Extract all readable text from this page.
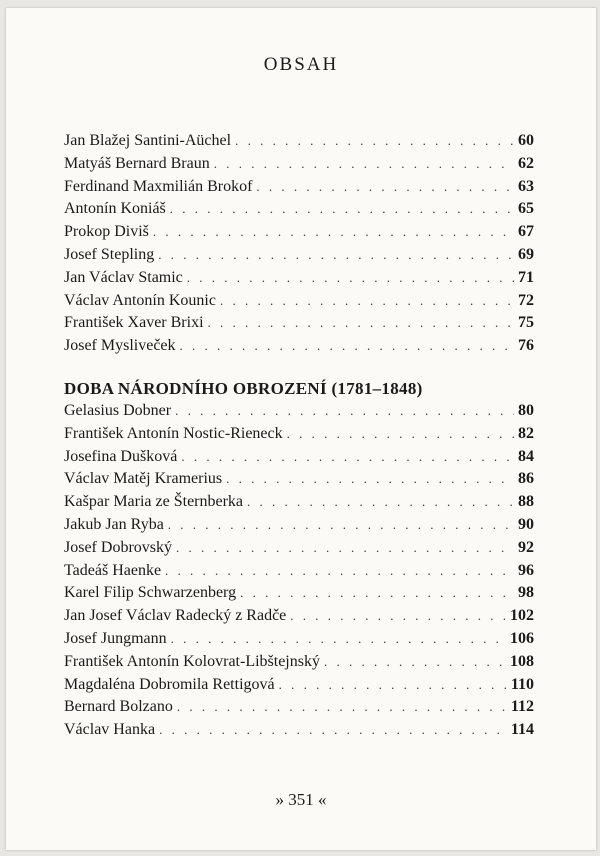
OBSAH
Jan Blažej Santini-Aüchel . . .	60
Matyáš Bernard Braun . . .	62
Ferdinand Maxmilián Brokof . . .	63
Antonín Koniáš . . .	65
Prokop Diviš . . .	67
Josef Stepling . . .	69
Jan Václav Stamic . . .	71
Václav Antonín Kounic . . .	72
František Xaver Brixi . . .	75
Josef Mysliveček . . .	76
DOBA NÁRODNÍHO OBROZENÍ (1781–1848)
Gelasius Dobner . . .	80
František Antonín Nostic-Rieneck . . .	82
Josefina Dušková . . .	84
Václav Matěj Kramerius . . .	86
Kašpar Maria ze Šternberka . . .	88
Jakub Jan Ryba . . .	90
Josef Dobrovský . . .	92
Tadeáš Haenke . . .	96
Karel Filip Schwarzenberg . . .	98
Jan Josef Václav Radecký z Radče . . .	102
Josef Jungmann . . .	106
František Antonín Kolovrat-Libštejnský . . .	108
Magdaléna Dobromila Rettigová . . .	110
Bernard Bolzano . . .	112
Václav Hanka . . .	114
» 351 «
